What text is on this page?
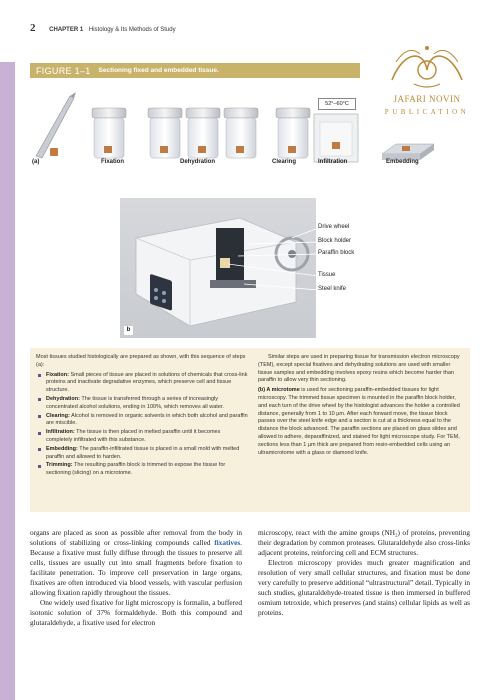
2 CHAPTER 1 Histology & Its Methods of Study
JAFARI NOVIN
PUBLICATION
FIGURE 1–1 Sectioning fixed and embedded tissue.
52°–60°C
(a)	Fixation	Dehydration	Clearing	Infiltration	Embedding
b
Drive wheel
Block holder
Paraffin block
Tissue
Steel knife

Most tissues studied histologically are prepared as shown, with this sequence of steps (a):

Fixation: Small pieces of tissue are placed in solutions of chemicals that cross-link proteins and inactivate degradative enzymes, which preserve cell and tissue structure.
Dehydration: The tissue is transferred through a series of increasingly concentrated alcohol solutions, ending in 100%, which removes all water.
Clearing: Alcohol is removed in organic solvents in which both alcohol and paraffin are miscible.
Infiltration: The tissue is then placed in melted paraffin until it becomes completely infiltrated with this substance.
Embedding: The paraffin-infiltrated tissue is placed in a small mold with melted paraffin and allowed to harden.
Trimming: The resulting paraffin block is trimmed to expose the tissue for sectioning (slicing) on a microtome.

Similar steps are used in preparing tissue for transmission electron microscopy (TEM), except special fixatives and dehydrating solutions are used with smaller tissue samples and embedding involves epoxy resins which become harder than paraffin to allow very thin sectioning.

(b) A microtome is used for sectioning paraffin-embedded tissues for light microscopy. The trimmed tissue specimen is mounted in the paraffin block holder, and each turn of the drive wheel by the histologist advances the holder a controlled distance, generally from 1 to 10 µm. After each forward move, the tissue block passes over the steel knife edge and a section is cut at a thickness equal to the distance the block advanced. The paraffin sections are placed on glass slides and allowed to adhere, deparaffinized, and stained for light microscope study. For TEM, sections less than 1 µm thick are prepared from resin-embedded cells using an ultramicrotome with a glass or diamond knife.

organs are placed as soon as possible after removal from the body in solutions of stabilizing or cross-linking compounds called fixatives. Because a fixative must fully diffuse through the tissues to preserve all cells, tissues are usually cut into small fragments before fixation to facilitate penetration. To improve cell preservation in large organs, fixatives are often introduced via blood vessels, with vascular perfusion allowing fixation rapidly throughout the tissues.

One widely used fixative for light microscopy is formalin, a buffered isotonic solution of 37% formaldehyde. Both this compound and glutaraldehyde, a fixative used for electron

microscopy, react with the amine groups (NH₂) of proteins, preventing their degradation by common proteases. Glutaraldehyde also cross-links adjacent proteins, reinforcing cell and ECM structures.

Electron microscopy provides much greater magnification and resolution of very small cellular structures, and fixation must be done very carefully to preserve additional “ultrastructural” detail. Typically in such studies, glutaraldehyde-treated tissue is then immersed in buffered osmium tetroxide, which preserves (and stains) cellular lipids as well as proteins.
